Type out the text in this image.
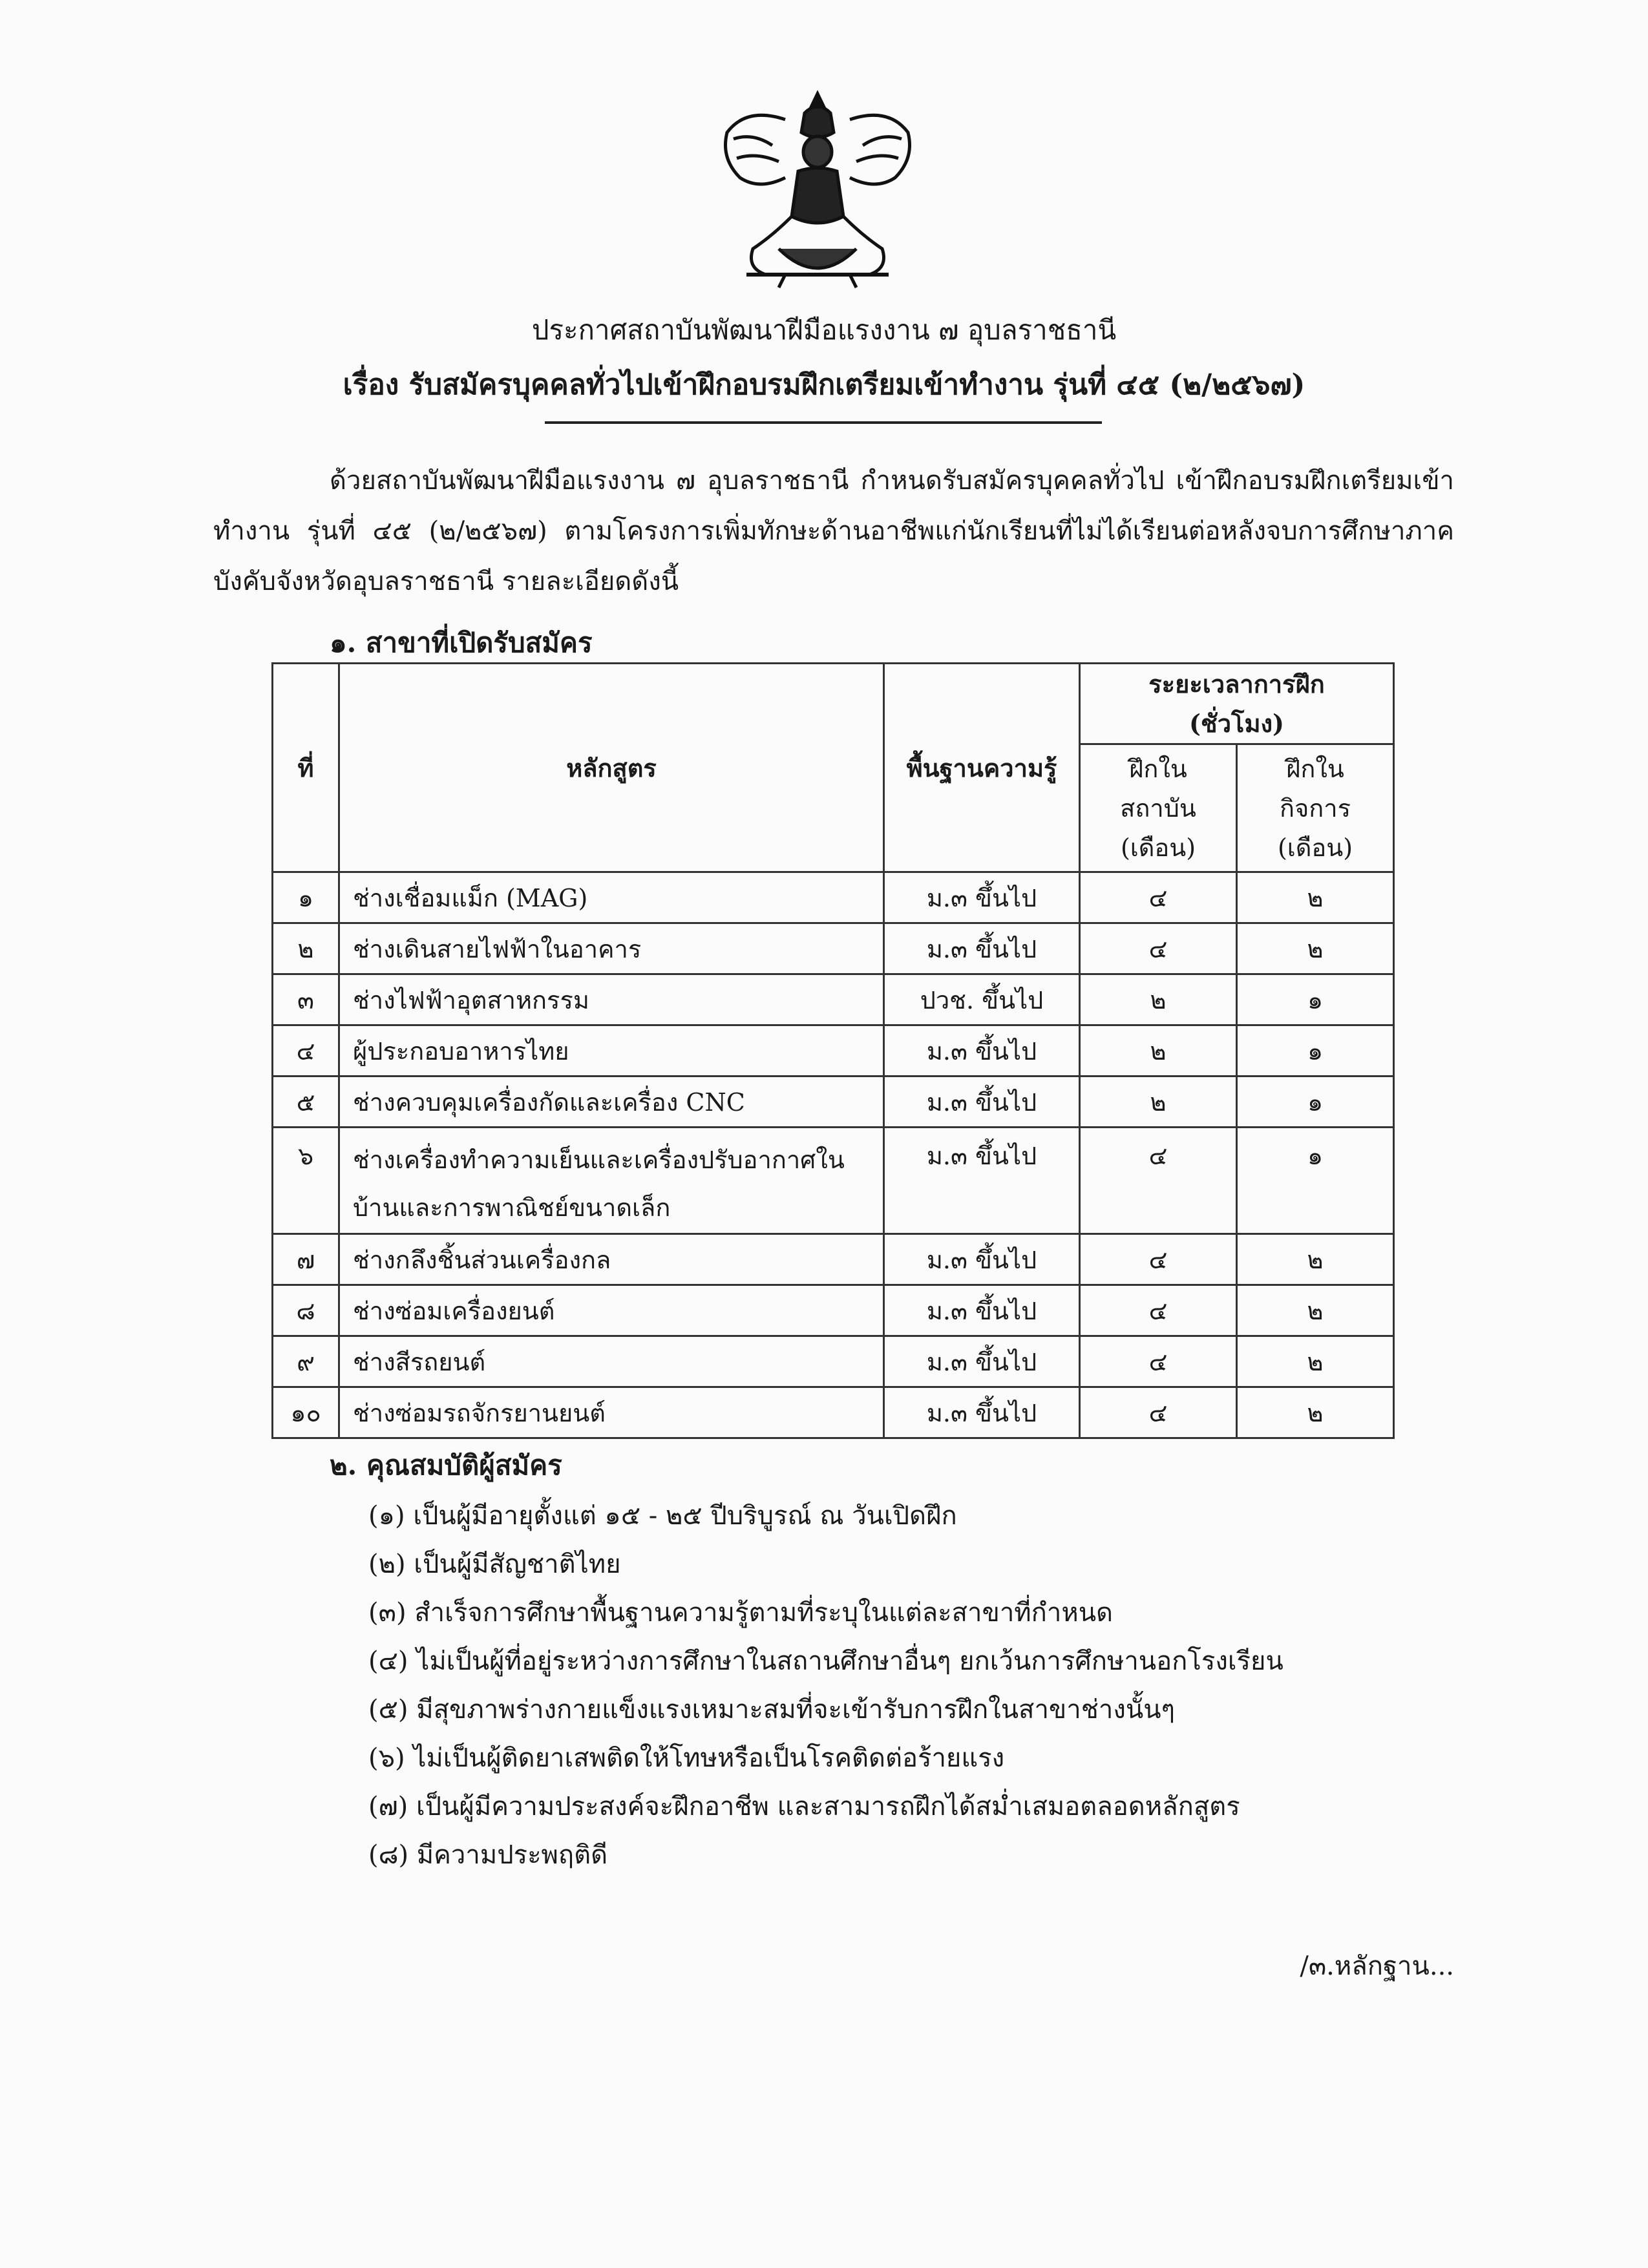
ประกาศสถาบันพัฒนาฝีมือแรงงาน ๗ อุบลราชธานี
เรื่อง รับสมัครบุคคลทั่วไปเข้าฝึกอบรมฝึกเตรียมเข้าทำงาน รุ่นที่ ๔๕ (๒/๒๕๖๗)
ด้วยสถาบันพัฒนาฝีมือแรงงาน ๗ อุบลราชธานี กำหนดรับสมัครบุคคลทั่วไป เข้าฝึกอบรมฝึกเตรียมเข้าทำงาน รุ่นที่ ๔๕ (๒/๒๕๖๗) ตามโครงการเพิ่มทักษะด้านอาชีพแก่นักเรียนที่ไม่ได้เรียนต่อหลังจบการศึกษาภาคบังคับจังหวัดอุบลราชธานี รายละเอียดดังนี้
๑. สาขาที่เปิดรับสมัคร
ที่	หลักสูตร	พื้นฐานความรู้	ระยะเวลาการฝึก (ชั่วโมง)	
			ฝึกใน สถาบัน (เดือน)	ฝึกใน กิจการ (เดือน)
๑	ช่างเชื่อมแม็ก (MAG)	ม.๓ ขึ้นไป	๔	๒
๒	ช่างเดินสายไฟฟ้าในอาคาร	ม.๓ ขึ้นไป	๔	๒
๓	ช่างไฟฟ้าอุตสาหกรรม	ปวช. ขึ้นไป	๒	๑
๔	ผู้ประกอบอาหารไทย	ม.๓ ขึ้นไป	๒	๑
๕	ช่างควบคุมเครื่องกัดและเครื่อง CNC	ม.๓ ขึ้นไป	๒	๑
๖	ช่างเครื่องทำความเย็นและเครื่องปรับอากาศในบ้านและการพาณิชย์ขนาดเล็ก	ม.๓ ขึ้นไป	๔	๑
๗	ช่างกลึงชิ้นส่วนเครื่องกล	ม.๓ ขึ้นไป	๔	๒
๘	ช่างซ่อมเครื่องยนต์	ม.๓ ขึ้นไป	๔	๒
๙	ช่างสีรถยนต์	ม.๓ ขึ้นไป	๔	๒
๑๐	ช่างซ่อมรถจักรยานยนต์	ม.๓ ขึ้นไป	๔	๒
๒. คุณสมบัติผู้สมัคร
(๑) เป็นผู้มีอายุตั้งแต่ ๑๕ - ๒๕ ปีบริบูรณ์ ณ วันเปิดฝึก
(๒) เป็นผู้มีสัญชาติไทย
(๓) สำเร็จการศึกษาพื้นฐานความรู้ตามที่ระบุในแต่ละสาขาที่กำหนด
(๔) ไม่เป็นผู้ที่อยู่ระหว่างการศึกษาในสถานศึกษาอื่นๆ ยกเว้นการศึกษานอกโรงเรียน
(๕) มีสุขภาพร่างกายแข็งแรงเหมาะสมที่จะเข้ารับการฝึกในสาขาช่างนั้นๆ
(๖) ไม่เป็นผู้ติดยาเสพติดให้โทษหรือเป็นโรคติดต่อร้ายแรง
(๗) เป็นผู้มีความประสงค์จะฝึกอาชีพ และสามารถฝึกได้สม่ำเสมอตลอดหลักสูตร
(๘) มีความประพฤติดี
/๓.หลักฐาน...
